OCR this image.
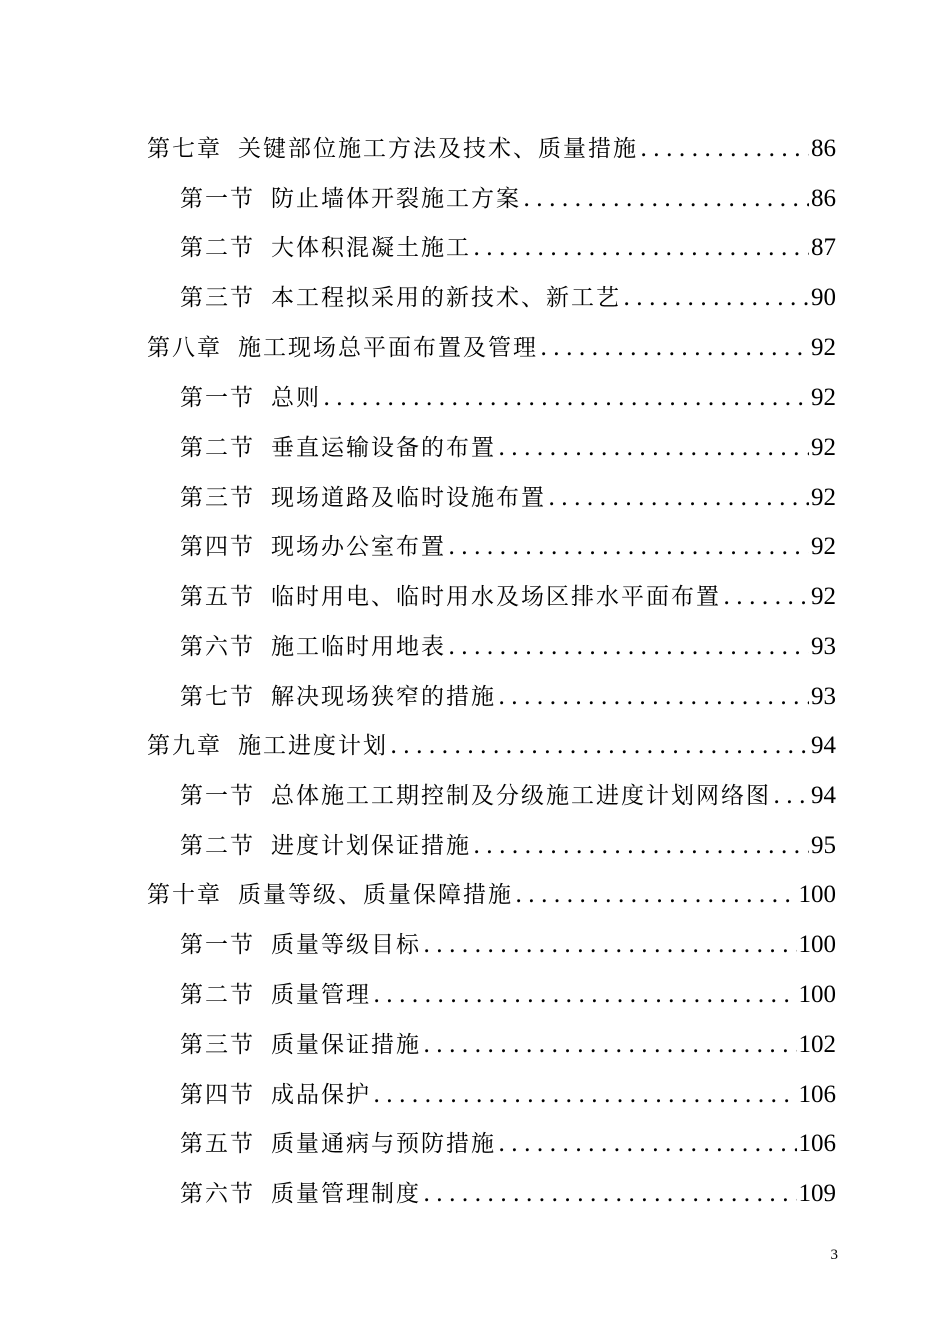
第七章 关键部位施工方法及技术、质量措施 .....	86
第一节 防止墙体开裂施工方案 .....	86
第二节 大体积混凝土施工 .....	87
第三节 本工程拟采用的新技术、新工艺 .....	90
第八章 施工现场总平面布置及管理 .....	92
第一节 总则 .....	92
第二节 垂直运输设备的布置 .....	92
第三节 现场道路及临时设施布置 .....	92
第四节 现场办公室布置 .....	92
第五节 临时用电、临时用水及场区排水平面布置 .....	92
第六节 施工临时用地表 .....	93
第七节 解决现场狭窄的措施 .....	93
第九章 施工进度计划 .....	94
第一节 总体施工工期控制及分级施工进度计划网络图 ..... 94
第二节 进度计划保证措施 .....	95
第十章 质量等级、质量保障措施 .....	100
第一节 质量等级目标 .....	100
第二节 质量管理 .....	100
第三节 质量保证措施 .....	102
第四节 成品保护 .....	106
第五节 质量通病与预防措施 .....	106
第六节 质量管理制度 .....	109
3
